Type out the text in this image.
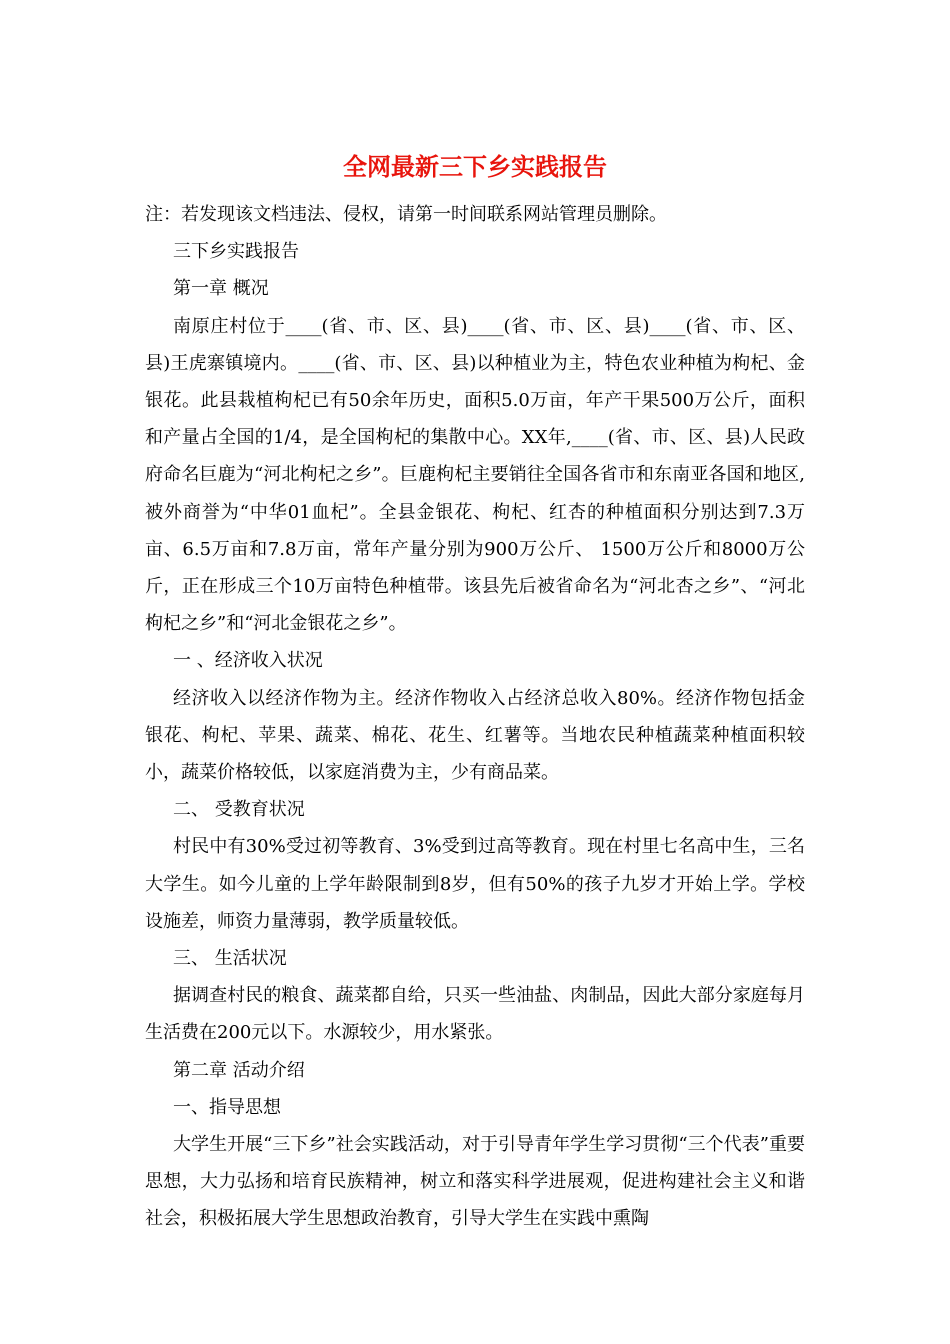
全网最新三下乡实践报告

注：若发现该文档违法、侵权，请第一时间联系网站管理员删除。

三下乡实践报告

第一章 概况

南原庄村位于____(省、市、区、县)____(省、市、区、县)____(省、市、区、县)王虎寨镇境内。____(省、市、区、县)以种植业为主，特色农业种植为枸杞、金银花。此县栽植枸杞已有50余年历史，面积5.0万亩，年产干果500万公斤，面积和产量占全国的1/4，是全国枸杞的集散中心。XX年,____(省、市、区、县)人民政府命名巨鹿为“河北枸杞之乡”。巨鹿枸杞主要销往全国各省市和东南亚各国和地区,被外商誉为“中华01血杞”。全县金银花、枸杞、红杏的种植面积分别达到7.3万亩、6.5万亩和7.8万亩，常年产量分别为900万公斤、 1500万公斤和8000万公斤，正在形成三个10万亩特色种植带。该县先后被省命名为“河北杏之乡”、“河北枸杞之乡”和“河北金银花之乡”。

一 、经济收入状况

经济收入以经济作物为主。经济作物收入占经济总收入80%。经济作物包括金银花、枸杞、苹果、蔬菜、棉花、花生、红薯等。当地农民种植蔬菜种植面积较小，蔬菜价格较低，以家庭消费为主，少有商品菜。

二、 受教育状况

村民中有30%受过初等教育、3%受到过高等教育。现在村里七名高中生，三名大学生。如今儿童的上学年龄限制到8岁，但有50%的孩子九岁才开始上学。学校设施差，师资力量薄弱，教学质量较低。

三、 生活状况

据调查村民的粮食、蔬菜都自给，只买一些油盐、肉制品，因此大部分家庭每月生活费在200元以下。水源较少，用水紧张。

第二章 活动介绍

一、指导思想

大学生开展“三下乡”社会实践活动，对于引导青年学生学习贯彻“三个代表”重要思想，大力弘扬和培育民族精神，树立和落实科学进展观，促进构建社会主义和谐社会，积极拓展大学生思想政治教育，引导大学生在实践中熏陶
